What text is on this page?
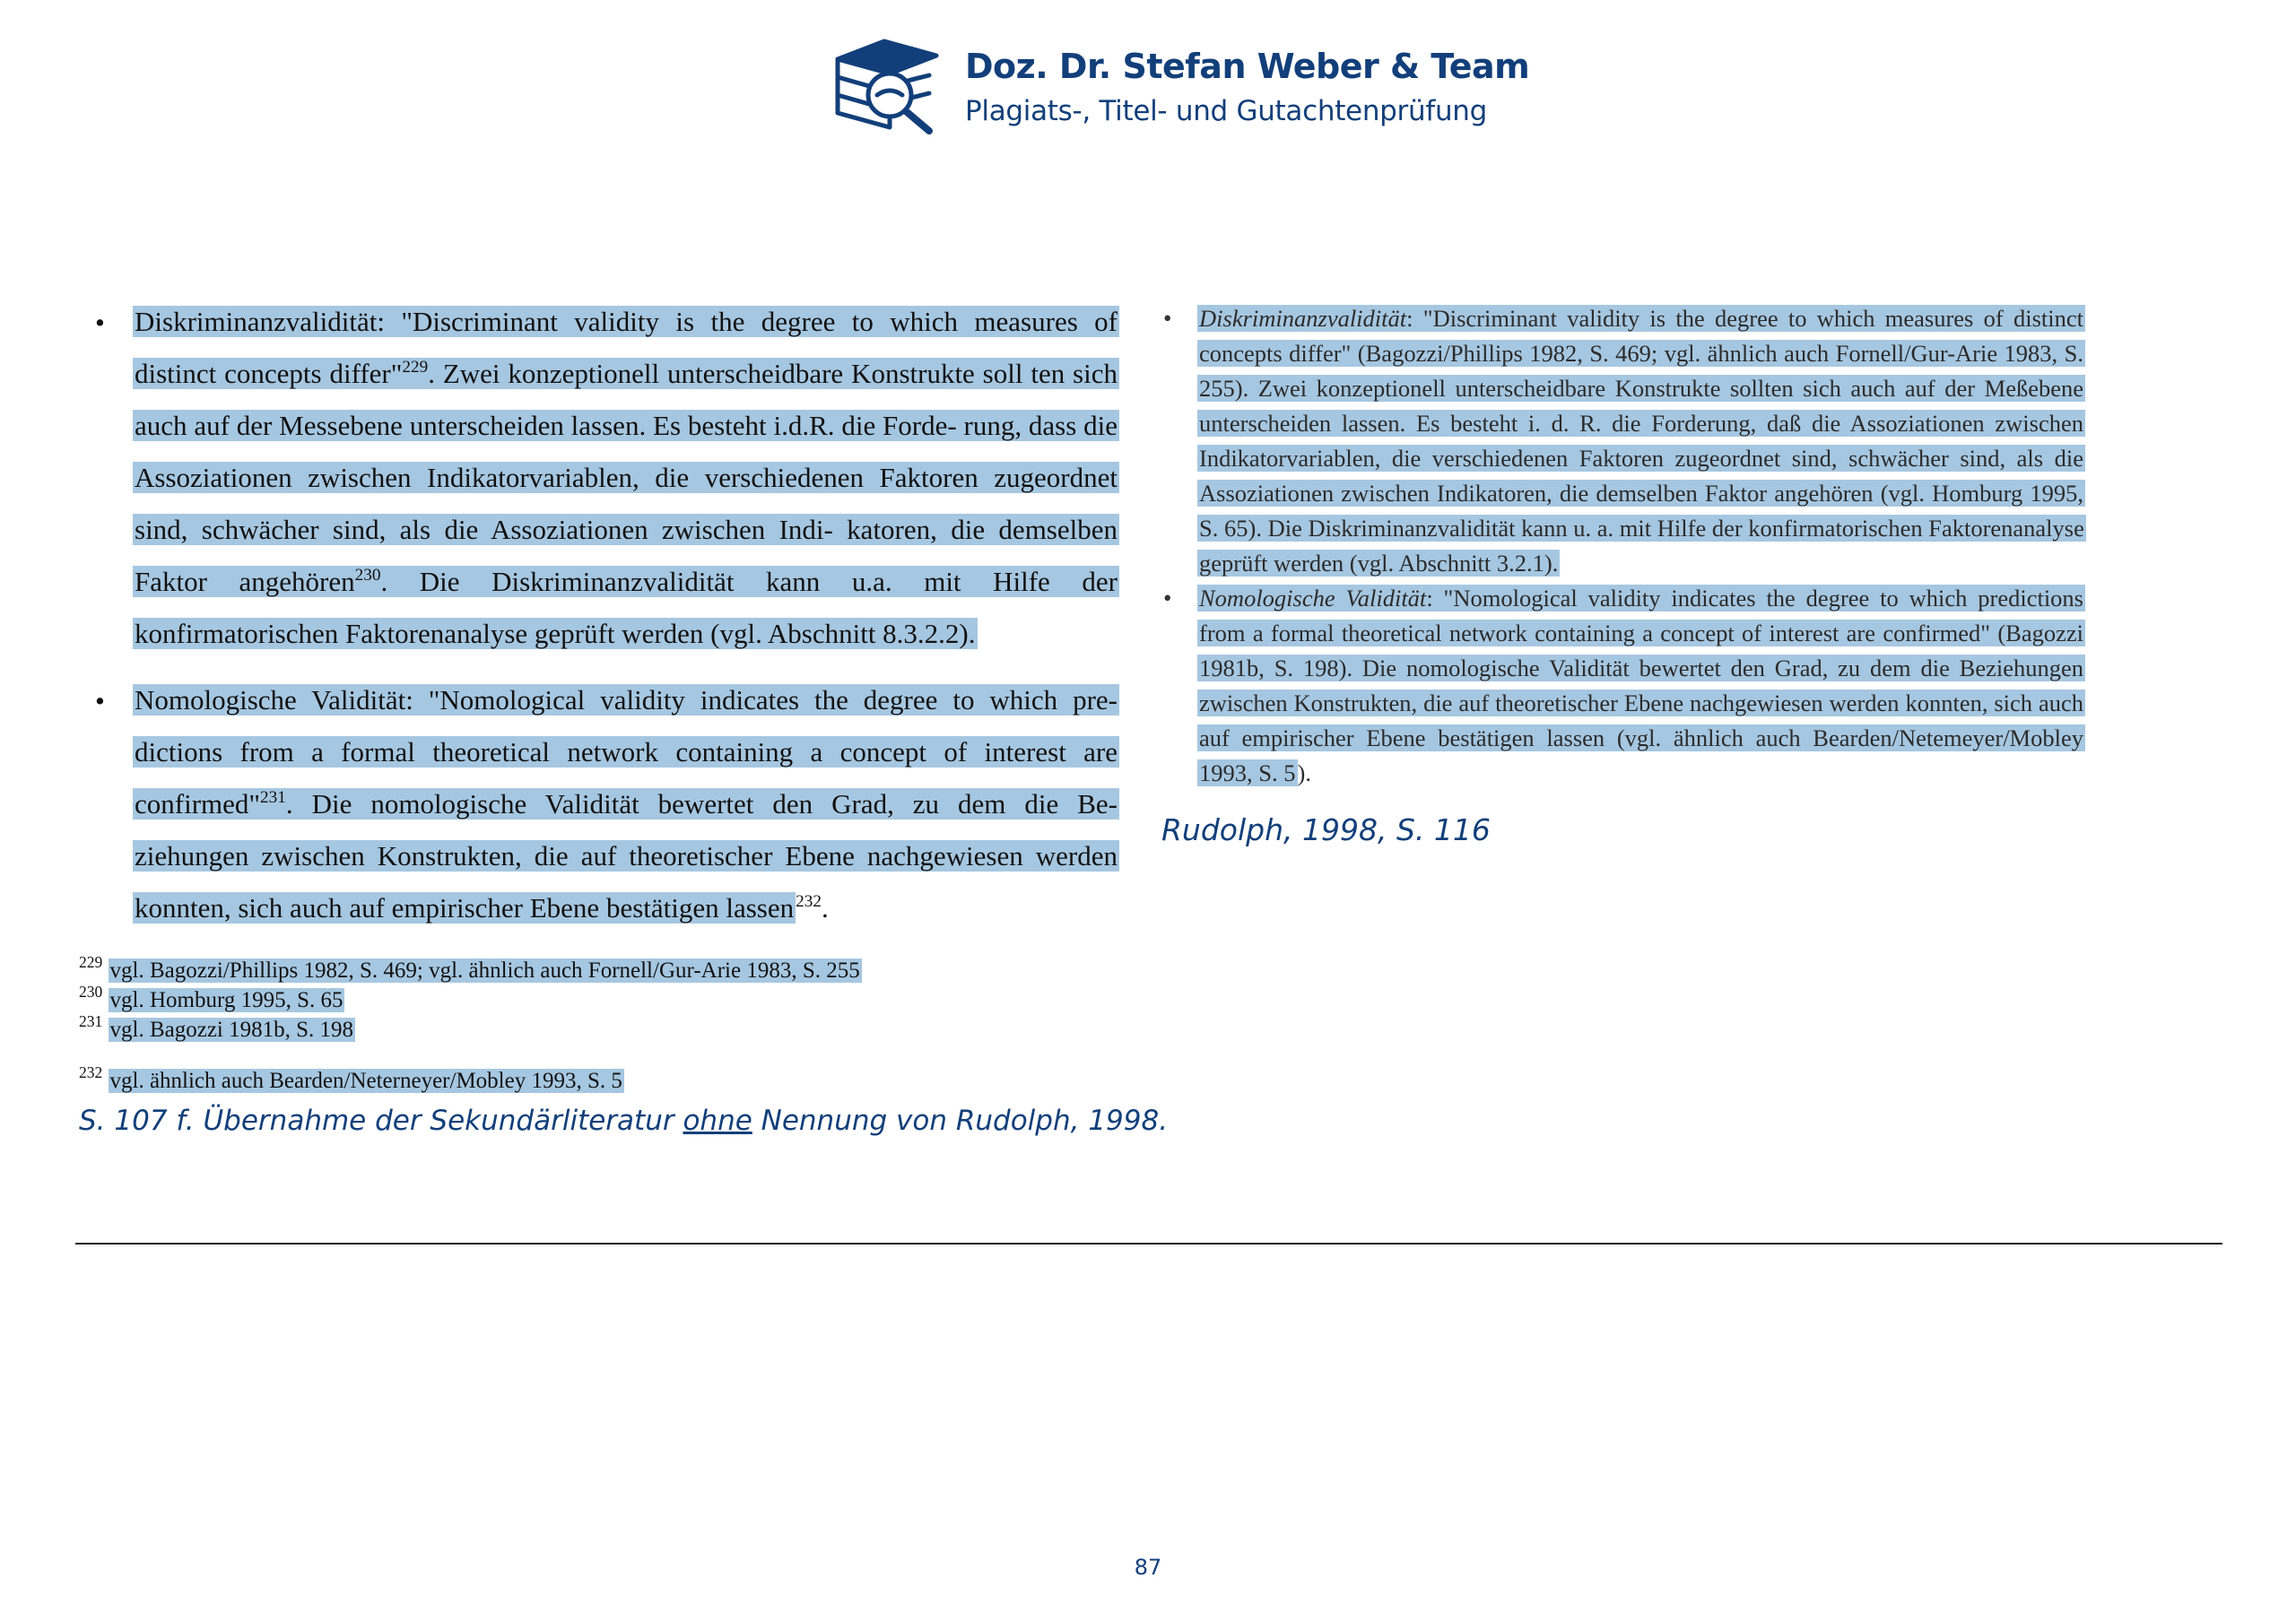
Doz. Dr. Stefan Weber & Team
Plagiats-, Titel- und Gutachtenprüfung
• Diskriminanzvalidität: "Discriminant validity is the degree to which measures of distinct concepts differ"$^{229}$. Zwei konzeptionell unterscheidbare Konstrukte soll ten sich auch auf der Messebene unterscheiden lassen. Es besteht i.d.R. die Forde- rung, dass die Assoziationen zwischen Indikatorvariablen, die verschiedenen Faktoren zugeordnet sind, schwächer sind, als die Assoziationen zwischen Indi- katoren, die demselben Faktor angehören$^{230}$. Die Diskriminanzvalidität kann u.a. mit Hilfe der konfirmatorischen Faktorenanalyse geprüft werden (vgl. Abschnitt 8.3.2.2).

• Nomologische Validität: "Nomological validity indicates the degree to which pre- dictions from a formal theoretical network containing a concept of interest are confirmed"$^{231}$. Die nomologische Validität bewertet den Grad, zu dem die Be- ziehungen zwischen Konstrukten, die auf theoretischer Ebene nachgewiesen werden konnten, sich auch auf empirischer Ebene bestätigen lassen $^{232}$.

$^{229}$ vgl. Bagozzi/Phillips 1982, S. 469; vgl. ähnlich auch Fornell/Gur-Arie 1983, S. 255
$^{230}$ vgl. Homburg 1995, S. 65
$^{231}$ vgl. Bagozzi 1981b, S. 198
$^{232}$ vgl. ähnlich auch Bearden/Neterneyer/Mobley 1993, S. 5
S. 107 f. Übernahme der Sekundärliteratur ohne Nennung von Rudolph, 1998.
• Diskriminanzvalidität: "Discriminant validity is the degree to which measures of distinct concepts differ" (Bagozzi/Phillips 1982, S. 469; vgl. ähnlich auch Fornell/Gur-Arie 1983, S. 255). Zwei konzeptionell unterscheidbare Konstrukte sollten sich auch auf der Meßebene unterscheiden lassen. Es besteht i. d. R. die Forderung, daß die Assoziationen zwischen Indikatorvariablen, die verschiedenen Faktoren zugeordnet sind, schwächer sind, als die Assoziationen zwischen Indikatoren, die demselben Faktor angehören (vgl. Homburg 1995, S. 65). Die Diskriminanzvalidität kann u. a. mit Hilfe der konfirmatorischen Faktorenanalyse geprüft werden (vgl. Abschnitt 3.2.1).

• Nomologische Validität: "Nomological validity indicates the degree to which predictions from a formal theoretical network containing a concept of interest are confirmed" (Bagozzi 1981b, S. 198). Die nomologische Validität bewertet den Grad, zu dem die Beziehungen zwischen Konstrukten, die auf theoretischer Ebene nachgewiesen werden konnten, sich auch auf empirischer Ebene bestätigen lassen (vgl. ähnlich auch Bearden/Netemeyer/Mobley 1993, S. 5).

Rudolph, 1998, S. 116
87
